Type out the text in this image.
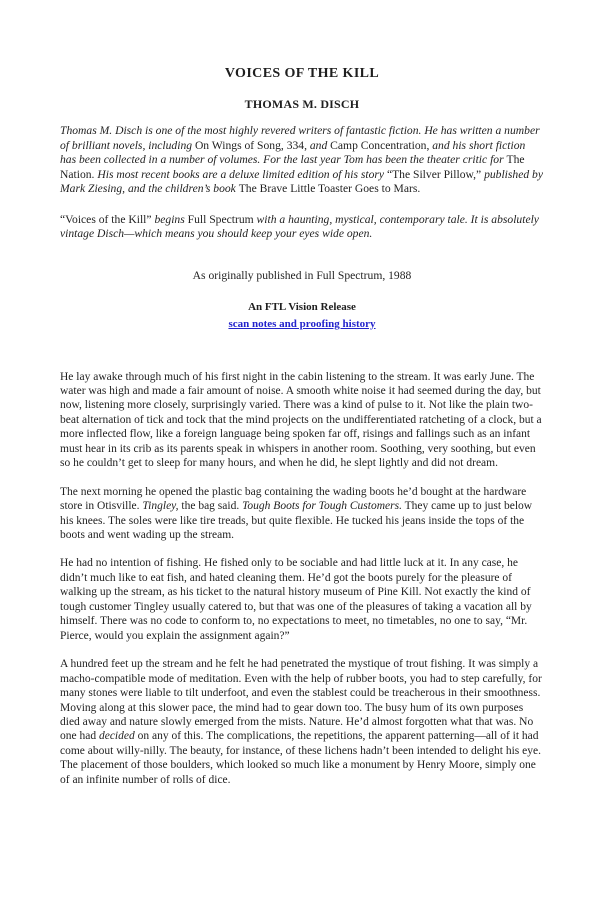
VOICES OF THE KILL
THOMAS M. DISCH

Thomas M. Disch is one of the most highly revered writers of fantastic fiction. He has written a number of brilliant novels, including On Wings of Song, 334, and Camp Concentration, and his short fiction has been collected in a number of volumes. For the last year Tom has been the theater critic for The Nation. His most recent books are a deluxe limited edition of his story “The Silver Pillow,” published by Mark Ziesing, and the children’s book The Brave Little Toaster Goes to Mars.

“Voices of the Kill” begins Full Spectrum with a haunting, mystical, contemporary tale. It is absolutely vintage Disch—which means you should keep your eyes wide open.

As originally published in Full Spectrum, 1988

An FTL Vision Release

scan notes and proofing history

He lay awake through much of his first night in the cabin listening to the stream. It was early June. The water was high and made a fair amount of noise. A smooth white noise it had seemed during the day, but now, listening more closely, surprisingly varied. There was a kind of pulse to it. Not like the plain two-beat alternation of tick and tock that the mind projects on the undifferentiated ratcheting of a clock, but a more inflected flow, like a foreign language being spoken far off, risings and fallings such as an infant must hear in its crib as its parents speak in whispers in another room. Soothing, very soothing, but even so he couldn’t get to sleep for many hours, and when he did, he slept lightly and did not dream.

The next morning he opened the plastic bag containing the wading boots he’d bought at the hardware store in Otisville. Tingley, the bag said. Tough Boots for Tough Customers. They came up to just below his knees. The soles were like tire treads, but quite flexible. He tucked his jeans inside the tops of the boots and went wading up the stream.

He had no intention of fishing. He fished only to be sociable and had little luck at it. In any case, he didn’t much like to eat fish, and hated cleaning them. He’d got the boots purely for the pleasure of walking up the stream, as his ticket to the natural history museum of Pine Kill. Not exactly the kind of tough customer Tingley usually catered to, but that was one of the pleasures of taking a vacation all by himself. There was no code to conform to, no expectations to meet, no timetables, no one to say, “Mr. Pierce, would you explain the assignment again?”

A hundred feet up the stream and he felt he had penetrated the mystique of trout fishing. It was simply a macho-compatible mode of meditation. Even with the help of rubber boots, you had to step carefully, for many stones were liable to tilt underfoot, and even the stablest could be treacherous in their smoothness. Moving along at this slower pace, the mind had to gear down too. The busy hum of its own purposes died away and nature slowly emerged from the mists. Nature. He’d almost forgotten what that was. No one had decided on any of this. The complications, the repetitions, the apparent patterning—all of it had come about willy-nilly. The beauty, for instance, of these lichens hadn’t been intended to delight his eye. The placement of those boulders, which looked so much like a monument by Henry Moore, simply one of an infinite number of rolls of dice.
